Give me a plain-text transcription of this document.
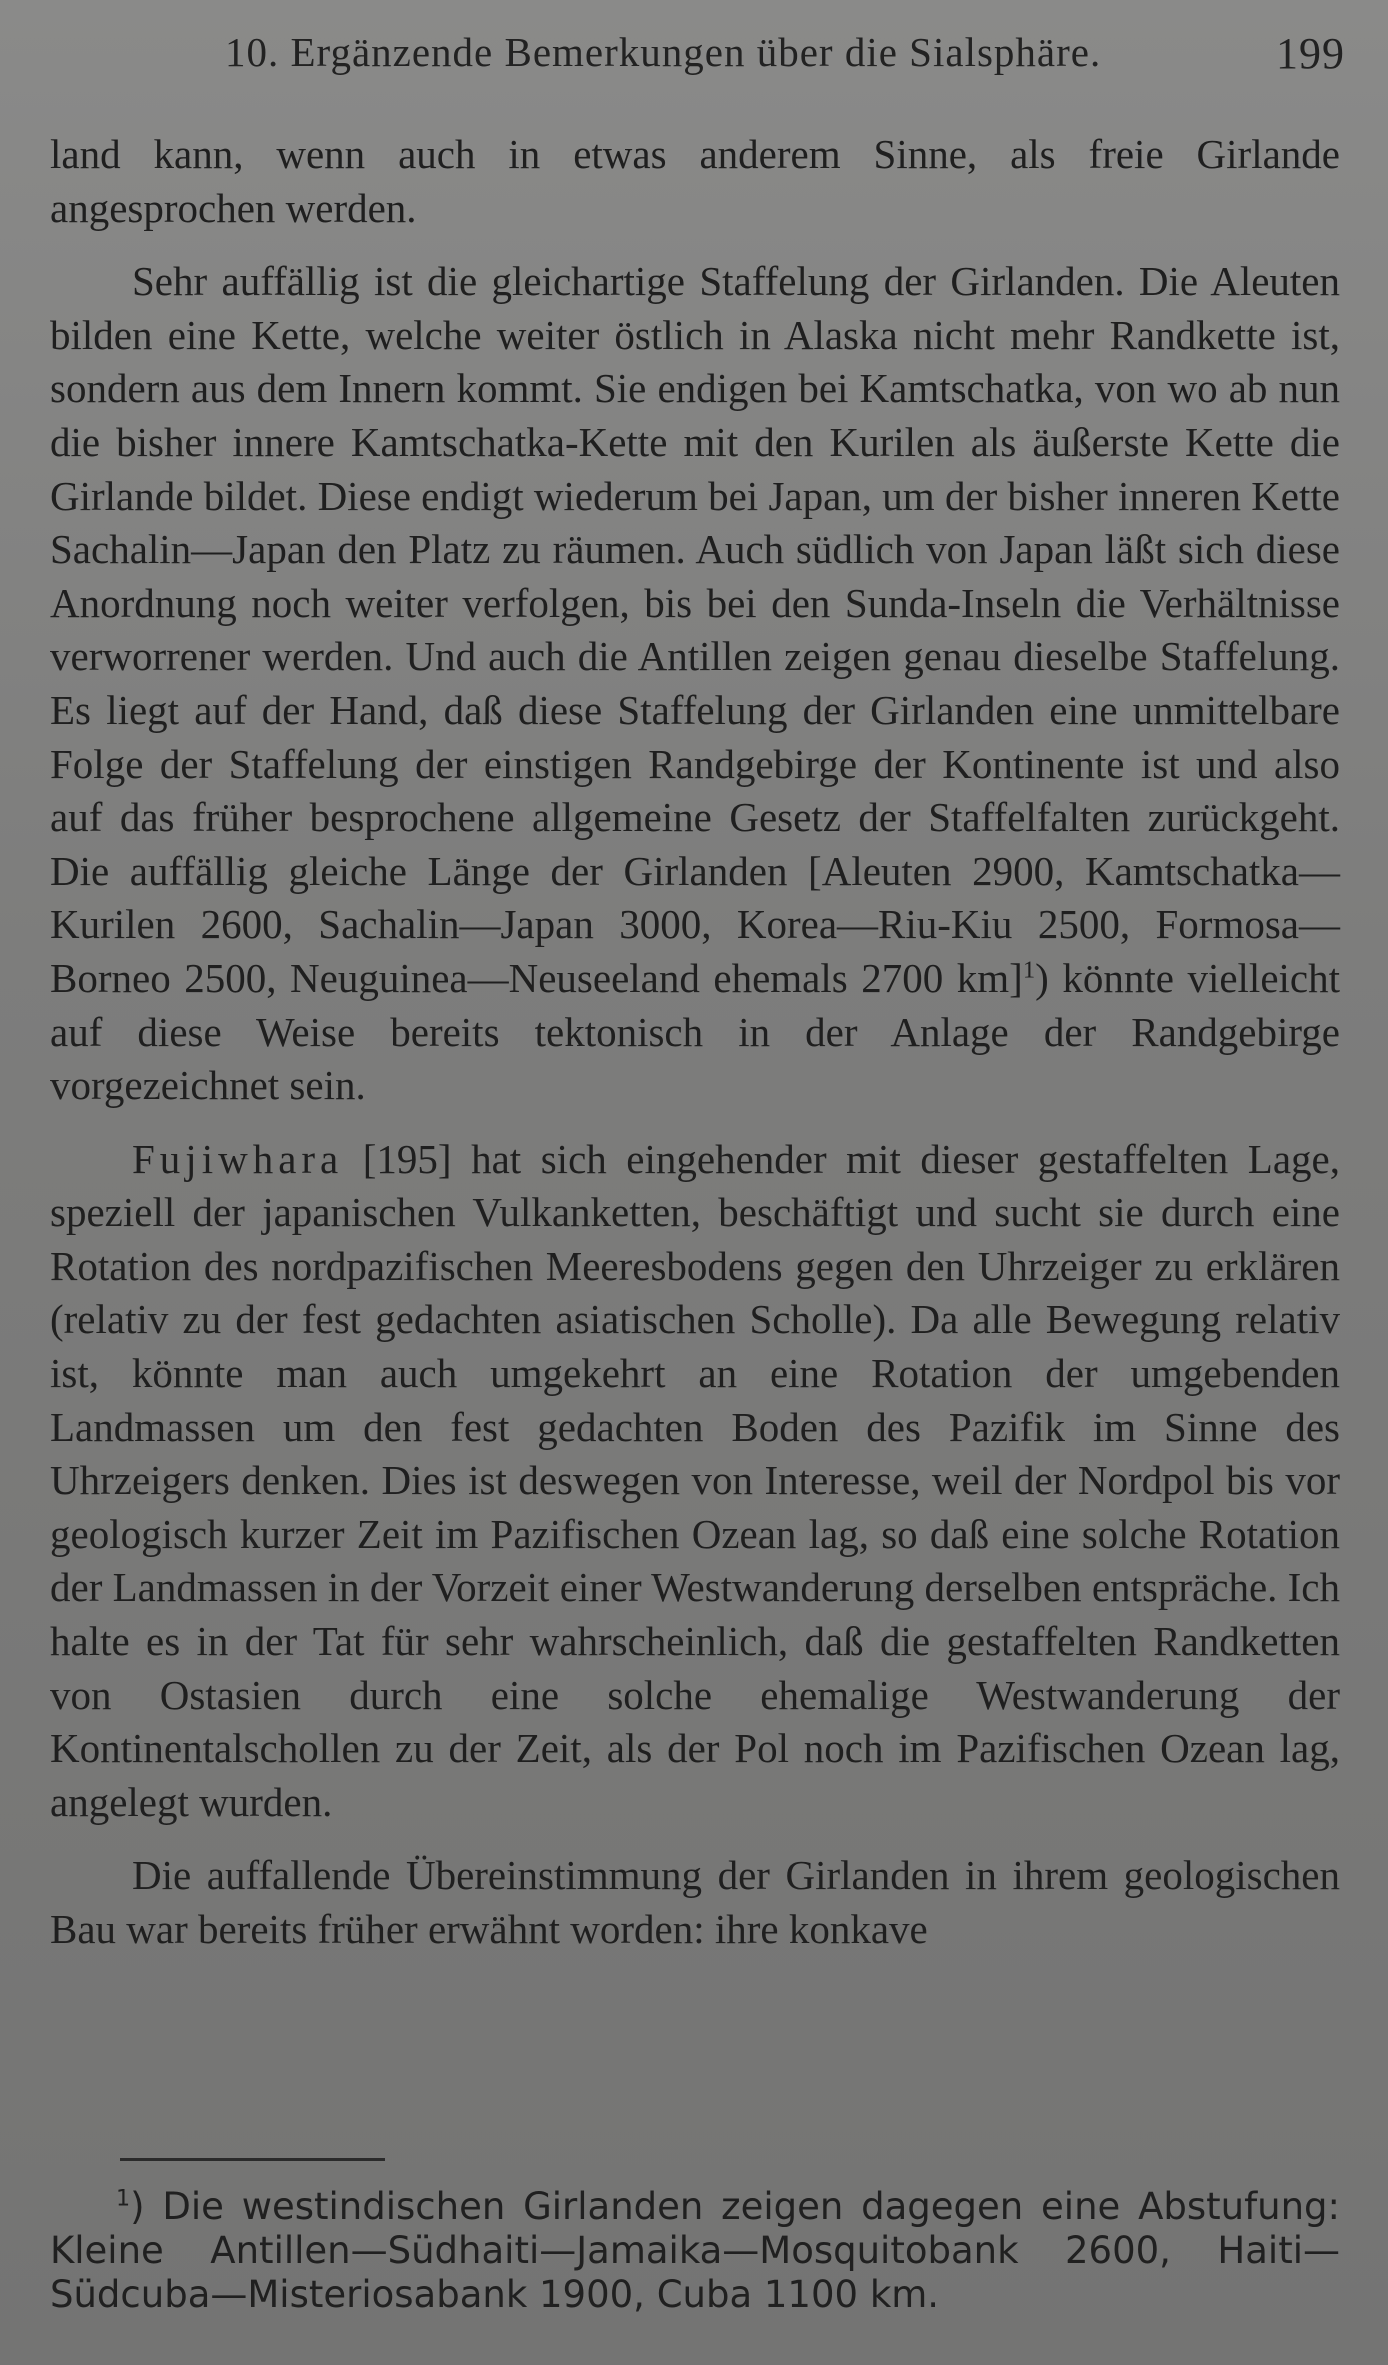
10. Ergänzende Bemerkungen über die Sialsphäre.	199

land kann, wenn auch in etwas anderem Sinne, als freie Girlande angesprochen werden.

Sehr auffällig ist die gleichartige Staffelung der Girlanden. Die Aleuten bilden eine Kette, welche weiter östlich in Alaska nicht mehr Randkette ist, sondern aus dem Innern kommt. Sie endigen bei Kamtschatka, von wo ab nun die bisher innere Kamtschatka-Kette mit den Kurilen als äußerste Kette die Girlande bildet. Diese endigt wiederum bei Japan, um der bisher inneren Kette Sachalin—Japan den Platz zu räumen. Auch südlich von Japan läßt sich diese Anordnung noch weiter verfolgen, bis bei den Sunda-Inseln die Verhältnisse verworrener werden. Und auch die Antillen zeigen genau dieselbe Staffelung. Es liegt auf der Hand, daß diese Staffelung der Girlanden eine unmittelbare Folge der Staffelung der einstigen Randgebirge der Kontinente ist und also auf das früher besprochene allgemeine Gesetz der Staffelfalten zurückgeht. Die auffällig gleiche Länge der Girlanden [Aleuten 2900, Kamtschatka—Kurilen 2600, Sachalin—Japan 3000, Korea—Riu-Kiu 2500, Formosa—Borneo 2500, Neuguinea—Neuseeland ehemals 2700 km]$^1$) könnte vielleicht auf diese Weise bereits tektonisch in der Anlage der Randgebirge vorgezeichnet sein.

Fujiwhara [195] hat sich eingehender mit dieser gestaffelten Lage, speziell der japanischen Vulkanketten, beschäftigt und sucht sie durch eine Rotation des nordpazifischen Meeresbodens gegen den Uhrzeiger zu erklären (relativ zu der fest gedachten asiatischen Scholle). Da alle Bewegung relativ ist, könnte man auch umgekehrt an eine Rotation der umgebenden Landmassen um den fest gedachten Boden des Pazifik im Sinne des Uhrzeigers denken. Dies ist deswegen von Interesse, weil der Nordpol bis vor geologisch kurzer Zeit im Pazifischen Ozean lag, so daß eine solche Rotation der Landmassen in der Vorzeit einer Westwanderung derselben entspräche. Ich halte es in der Tat für sehr wahrscheinlich, daß die gestaffelten Randketten von Ostasien durch eine solche ehemalige Westwanderung der Kontinentalschollen zu der Zeit, als der Pol noch im Pazifischen Ozean lag, angelegt wurden.

Die auffallende Übereinstimmung der Girlanden in ihrem geologischen Bau war bereits früher erwähnt worden: ihre konkave

$^1$) Die westindischen Girlanden zeigen dagegen eine Abstufung: Kleine Antillen—Südhaiti—Jamaika—Mosquitobank 2600, Haiti—Südcuba—Misteriosabank 1900, Cuba 1100 km.
